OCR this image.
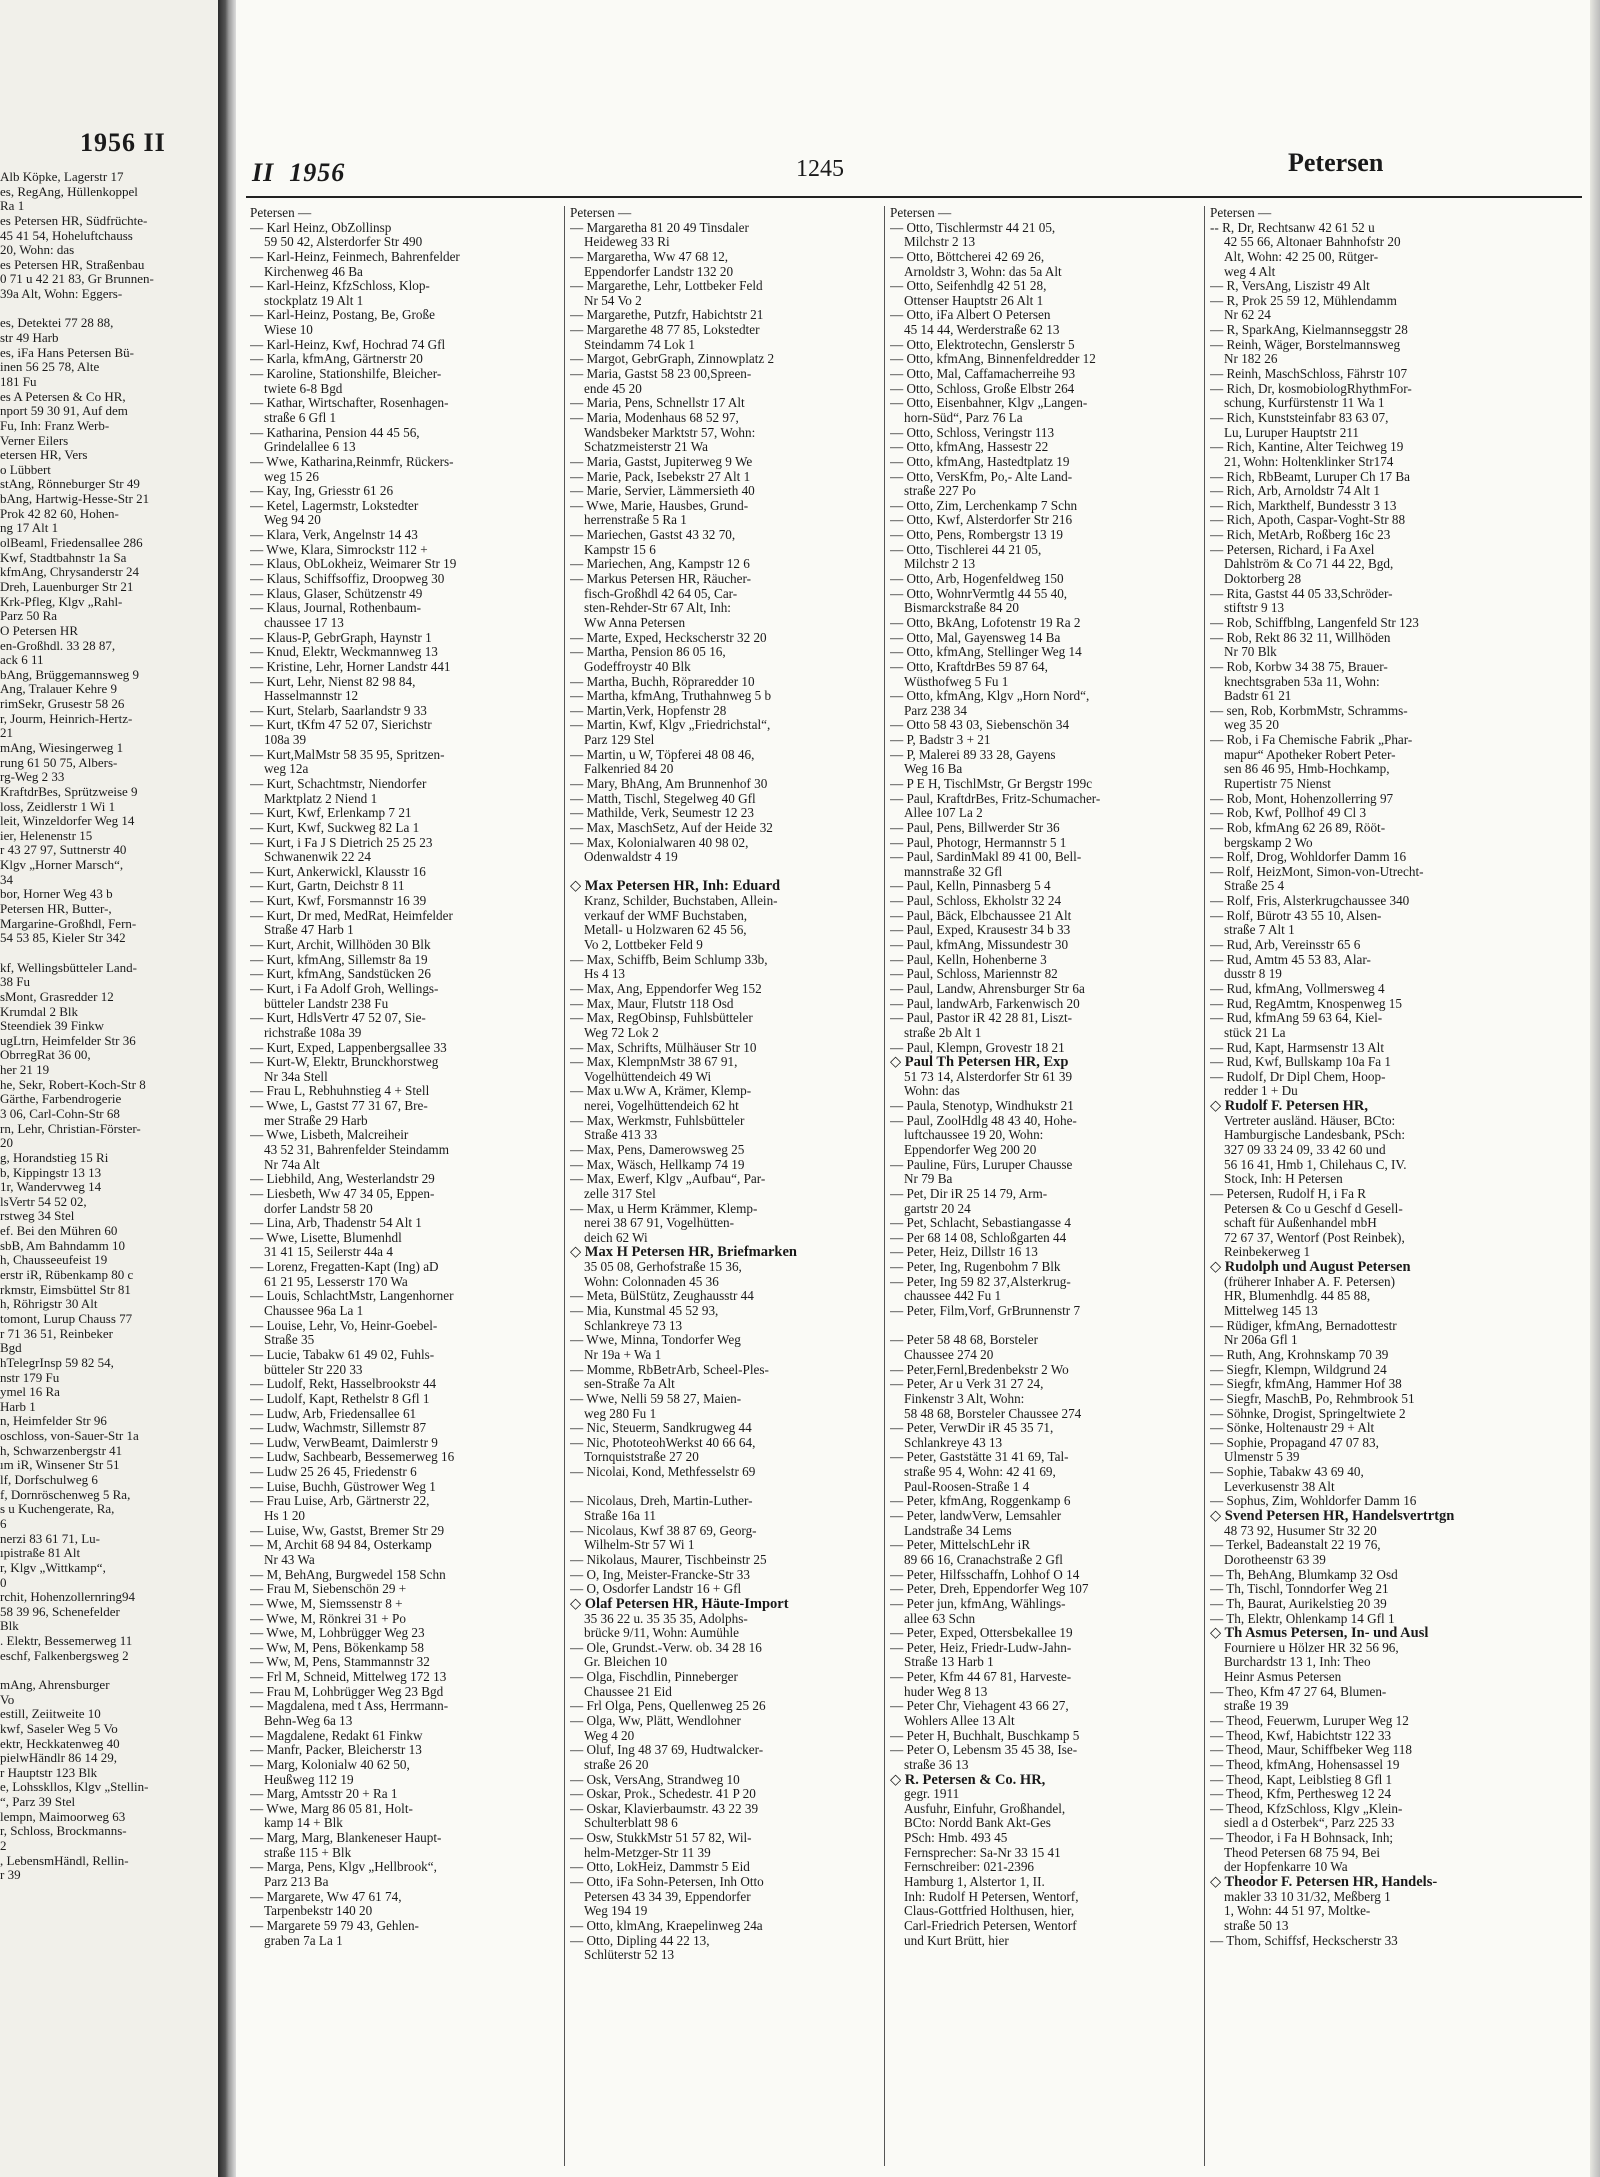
1956 II
Alb Köpke, Lagerstr 17
es, RegAng, Hüllenkoppel
Ra 1
es Petersen HR, Südfrüchte-
45 41 54, Hoheluftchauss
20, Wohn: das
es Petersen HR, Straßenbau
0 71 u 42 21 83, Gr Brunnen-
39a Alt, Wohn: Eggers-
es, Detektei 77 28 88,
str 49 Harb
es, iFa Hans Petersen Bü-
inen 56 25 78, Alte
181 Fu
es A Petersen & Co HR,
nport 59 30 91, Auf dem
Fu, Inh: Franz Werb-
Verner Eilers
etersen HR, Vers
o Lübbert
stAng, Rönneburger Str 49
bAng, Hartwig-Hesse-Str 21
Prok 42 82 60, Hohen-
ng 17 Alt 1
olBeaml, Friedensallee 286
Kwf, Stadtbahnstr 1a Sa
kfmAng, Chrysanderstr 24
Dreh, Lauenburger Str 21
Krk-Pfleg, Klgv „Rahl-
Parz 50 Ra
O Petersen HR
en-Großhdl. 33 28 87,
ack 6 11
bAng, Brüggemannsweg 9
Ang, Tralauer Kehre 9
rimSekr, Grusestr 58 26
r, Jourm, Heinrich-Hertz-
21
mAng, Wiesingerweg 1
rung 61 50 75, Albers-
rg-Weg 2 33
KraftdrBes, Sprützweise 9
loss, Zeidlerstr 1 Wi 1
leit, Winzeldorfer Weg 14
ier, Helenenstr 15
r 43 27 97, Suttnerstr 40
Klgv „Horner Marsch“,
34
bor, Horner Weg 43 b
Petersen HR, Butter-,
Margarine-Großhdl, Fern-
54 53 85, Kieler Str 342
kf, Wellingsbütteler Land-
38 Fu
sMont, Grasredder 12
Krumdal 2 Blk
Steendiek 39 Finkw
ugLtrn, Heimfelder Str 36
ObrregRat 36 00,
her 21 19
he, Sekr, Robert-Koch-Str 8
Gärthe, Farbendrogerie
3 06, Carl-Cohn-Str 68
rn, Lehr, Christian-Förster-
20
g, Horandstieg 15 Ri
b, Kippingstr 13 13
1r, Wandervweg 14
lsVertr 54 52 02,
rstweg 34 Stel
ef. Bei den Mühren 60
sbB, Am Bahndamm 10
h, Chausseeufeist 19
erstr iR, Rübenkamp 80 c
rkmstr, Eimsbüttel Str 81
h, Röhrigstr 30 Alt
tomont, Lurup Chauss 77
r 71 36 51, Reinbeker
Bgd
hTelegrInsp 59 82 54,
nstr 179 Fu
ymel 16 Ra
Harb 1
n, Heimfelder Str 96
oschloss, von-Sauer-Str 1a
h, Schwarzenbergstr 41
ım iR, Winsener Str 51
lf, Dorfschulweg 6
f, Dornröschenweg 5 Ra,
s u Kuchengerate, Ra,
6
nerzi 83 61 71, Lu-
ıpistraße 81 Alt
r, Klgv „Wittkamp“,
0
rchit, Hohenzollernring94
58 39 96, Schenefelder
Blk
. Elektr, Bessemerweg 11
eschf, Falkenbergsweg 2
mAng, Ahrensburger
Vo
estill, Zeiitweite 10
kwf, Saseler Weg 5 Vo
ektr, Heckkatenweg 40
pielwHändlr 86 14 29,
r Hauptstr 123 Blk
e, Lohsskllos, Klgv „Stellin-
“, Parz 39 Stel
lempn, Maimoorweg 63
r, Schloss, Brockmanns-
2
, LebensmHändl, Rellin-
r 39
II 1956	1245	Petersen
Petersen —
— Karl Heinz, ObZollinsp
59 50 42, Alsterdorfer Str 490
— Karl-Heinz, Feinmech, Bahrenfelder
Kirchenweg 46 Ba
— Karl-Heinz, KfzSchloss, Klop-
stockplatz 19 Alt 1
— Karl-Heinz, Postang, Be, Große
Wiese 10
— Karl-Heinz, Kwf, Hochrad 74 Gfl
— Karla, kfmAng, Gärtnerstr 20
— Karoline, Stationshilfe, Bleicher-
twiete 6-8 Bgd
— Kathar, Wirtschafter, Rosenhagen-
straße 6 Gfl 1
— Katharina, Pension 44 45 56,
Grindelallee 6 13
— Wwe, Katharina,Reinmfr, Rückers-
weg 15 26
— Kay, Ing, Griesstr 61 26
— Ketel, Lagermstr, Lokstedter
Weg 94 20
— Klara, Verk, Angelnstr 14 43
— Wwe, Klara, Simrockstr 112 +
— Klaus, ObLokheiz, Weimarer Str 19
— Klaus, Schiffsoffiz, Droopweg 30
— Klaus, Glaser, Schützenstr 49
— Klaus, Journal, Rothenbaum-
chaussee 17 13
— Klaus-P, GebrGraph, Haynstr 1
— Knud, Elektr, Weckmannweg 13
— Kristine, Lehr, Horner Landstr 441
— Kurt, Lehr, Nienst 82 98 84,
Hasselmannstr 12
— Kurt, Stelarb, Saarlandstr 9 33
— Kurt, tKfm 47 52 07, Sierichstr
108a 39
— Kurt,MalMstr 58 35 95, Spritzen-
weg 12a
— Kurt, Schachtmstr, Niendorfer
Marktplatz 2 Niend 1
— Kurt, Kwf, Erlenkamp 7 21
— Kurt, Kwf, Suckweg 82 La 1
— Kurt, i Fa J S Dietrich 25 25 23
Schwanenwik 22 24
— Kurt, Ankerwickl, Klausstr 16
— Kurt, Gartn, Deichstr 8 11
— Kurt, Kwf, Forsmannstr 16 39
— Kurt, Dr med, MedRat, Heimfelder
Straße 47 Harb 1
— Kurt, Archit, Willhöden 30 Blk
— Kurt, kfmAng, Sillemstr 8a 19
— Kurt, kfmAng, Sandstücken 26
— Kurt, i Fa Adolf Groh, Wellings-
bütteler Landstr 238 Fu
— Kurt, HdlsVertr 47 52 07, Sie-
richstraße 108a 39
— Kurt, Exped, Lappenbergsallee 33
— Kurt-W, Elektr, Brunckhorstweg
Nr 34a Stell
— Frau L, Rebhuhnstieg 4 + Stell
— Wwe, L, Gastst 77 31 67, Bre-
mer Straße 29 Harb
— Wwe, Lisbeth, Malcreiheir
43 52 31, Bahrenfelder Steindamm
Nr 74a Alt
— Liebhild, Ang, Westerlandstr 29
— Liesbeth, Ww 47 34 05, Eppen-
dorfer Landstr 58 20
— Lina, Arb, Thadenstr 54 Alt 1
— Wwe, Lisette, Blumenhdl
31 41 15, Seilerstr 44a 4
— Lorenz, Fregatten-Kapt (Ing) aD
61 21 95, Lesserstr 170 Wa
— Louis, SchlachtMstr, Langenhorner
Chaussee 96a La 1
— Louise, Lehr, Vo, Heinr-Goebel-
Straße 35
— Lucie, Tabakw 61 49 02, Fuhls-
bütteler Str 220 33
— Ludolf, Rekt, Hasselbrookstr 44
— Ludolf, Kapt, Rethelstr 8 Gfl 1
— Ludw, Arb, Friedensallee 61
— Ludw, Wachmstr, Sillemstr 87
— Ludw, VerwBeamt, Daimlerstr 9
— Ludw, Sachbearb, Bessemerweg 16
— Ludw 25 26 45, Friedenstr 6
— Luise, Buchh, Güstrower Weg 1
— Frau Luise, Arb, Gärtnerstr 22,
Hs 1 20
— Luise, Ww, Gastst, Bremer Str 29
— M, Archit 68 94 84, Osterkamp
Nr 43 Wa
— M, BehAng, Burgwedel 158 Schn
— Frau M, Siebenschön 29 +
— Wwe, M, Siemssenstr 8 +
— Wwe, M, Rönkrei 31 + Po
— Wwe, M, Lohbrügger Weg 23
— Ww, M, Pens, Bökenkamp 58
— Ww, M, Pens, Stammannstr 32
— Frl M, Schneid, Mittelweg 172 13
— Frau M, Lohbrügger Weg 23 Bgd
— Magdalena, med t Ass, Herrmann-
Behn-Weg 6a 13
— Magdalene, Redakt 61 Finkw
— Manfr, Packer, Bleicherstr 13
— Marg, Kolonialw 40 62 50,
Heußweg 112 19
— Marg, Amtsstr 20 + Ra 1
— Wwe, Marg 86 05 81, Holt-
kamp 14 + Blk
— Marg, Marg, Blankeneser Haupt-
straße 115 + Blk
— Marga, Pens, Klgv „Hellbrook“,
Parz 213 Ba
— Margarete, Ww 47 61 74,
Tarpenbekstr 140 20
— Margarete 59 79 43, Gehlen-
graben 7a La 1
Petersen —
— Margaretha 81 20 49 Tinsdaler
Heideweg 33 Ri
— Margaretha, Ww 47 68 12,
Eppendorfer Landstr 132 20
— Margarethe, Lehr, Lottbeker Feld
Nr 54 Vo 2
— Margarethe, Putzfr, Habichtstr 21
— Margarethe 48 77 85, Lokstedter
Steindamm 74 Lok 1
— Margot, GebrGraph, Zinnowplatz 2
— Maria, Gastst 58 23 00,Spreen-
ende 45 20
— Maria, Pens, Schnellstr 17 Alt
— Maria, Modenhaus 68 52 97,
Wandsbeker Marktstr 57, Wohn:
Schatzmeisterstr 21 Wa
— Maria, Gastst, Jupiterweg 9 We
— Marie, Pack, Isebekstr 27 Alt 1
— Marie, Servier, Lämmersieth 40
— Wwe, Marie, Hausbes, Grund-
herrenstraße 5 Ra 1
— Mariechen, Gastst 43 32 70,
Kampstr 15 6
— Mariechen, Ang, Kampstr 12 6
— Markus Petersen HR, Räucher-
fisch-Großhdl 42 64 05, Car-
sten-Rehder-Str 67 Alt, Inh:
Ww Anna Petersen
— Marte, Exped, Heckscherstr 32 20
— Martha, Pension 86 05 16,
Godeffroystr 40 Blk
— Martha, Buchh, Röpraredder 10
— Martha, kfmAng, Truthahnweg 5 b
— Martin,Verk, Hopfenstr 28
— Martin, Kwf, Klgv „Friedrichstal“,
Parz 129 Stel
— Martin, u W, Töpferei 48 08 46,
Falkenried 84 20
— Mary, BhAng, Am Brunnenhof 30
— Matth, Tischl, Stegelweg 40 Gfl
— Mathilde, Verk, Seumestr 12 23
— Max, MaschSetz, Auf der Heide 32
— Max, Kolonialwaren 40 98 02,
Odenwaldstr 4 19
◇ Max Petersen HR, Inh: Eduard
Kranz, Schilder, Buchstaben, Allein-
verkauf der WMF Buchstaben,
Metall- u Holzwaren 62 45 56,
Vo 2, Lottbeker Feld 9
— Max, Schiffb, Beim Schlump 33b,
Hs 4 13
— Max, Ang, Eppendorfer Weg 152
— Max, Maur, Flutstr 118 Osd
— Max, RegObinsp, Fuhlsbütteler
Weg 72 Lok 2
— Max, Schrifts, Mülhäuser Str 10
— Max, KlempnMstr 38 67 91,
Vogelhüttendeich 49 Wi
— Max u.Ww A, Krämer, Klemp-
nerei, Vogelhüttendeich 62 ht
— Max, Werkmstr, Fuhlsbütteler
Straße 413 33
— Max, Pens, Damerowsweg 25
— Max, Wäsch, Hellkamp 74 19
— Max, Ewerf, Klgv „Aufbau“, Par-
zelle 317 Stel
— Max, u Herm Krämmer, Klemp-
nerei 38 67 91, Vogelhütten-
deich 62 Wi
◇ Max H Petersen HR, Briefmarken
35 05 08, Gerhofstraße 15 36,
Wohn: Colonnaden 45 36
— Meta, BülStütz, Zeughausstr 44
— Mia, Kunstmal 45 52 93,
Schlankreye 73 13
— Wwe, Minna, Tondorfer Weg
Nr 19a + Wa 1
— Momme, RbBetrArb, Scheel-Ples-
sen-Straße 7a Alt
— Wwe, Nelli 59 58 27, Maien-
weg 280 Fu 1
— Nic, Steuerm, Sandkrugweg 44
— Nic, PhototeohWerkst 40 66 64,
Tornquiststraße 27 20
— Nicolai, Kond, Methfesselstr 69
— Nicolaus, Dreh, Martin-Luther-
Straße 16a 11
— Nicolaus, Kwf 38 87 69, Georg-
Wilhelm-Str 57 Wi 1
— Nikolaus, Maurer, Tischbeinstr 25
— O, Ing, Meister-Francke-Str 33
— O, Osdorfer Landstr 16 + Gfl
◇ Olaf Petersen HR, Häute-Import
35 36 22 u. 35 35 35, Adolphs-
brücke 9/11, Wohn: Aumühle
— Ole, Grundst.-Verw. ob. 34 28 16
Gr. Bleichen 10
— Olga, Fischdlin, Pinneberger
Chaussee 21 Eid
— Frl Olga, Pens, Quellenweg 25 26
— Olga, Ww, Plätt, Wendlohner
Weg 4 20
— Oluf, Ing 48 37 69, Hudtwalcker-
straße 26 20
— Osk, VersAng, Strandweg 10
— Oskar, Prok., Schedestr. 41 P 20
— Oskar, Klavierbaumstr. 43 22 39
Schulterblatt 98 6
— Osw, StukkMstr 51 57 82, Wil-
helm-Metzger-Str 11 39
— Otto, LokHeiz, Dammstr 5 Eid
— Otto, iFa Sohn-Petersen, Inh Otto
Petersen 43 34 39, Eppendorfer
Weg 194 19
— Otto, klmAng, Kraepelinweg 24a
— Otto, Dipling 44 22 13,
Schlüterstr 52 13
Petersen —
— Otto, Tischlermstr 44 21 05,
Milchstr 2 13
— Otto, Böttcherei 42 69 26,
Arnoldstr 3, Wohn: das 5a Alt
— Otto, Seifenhdlg 42 51 28,
Ottenser Hauptstr 26 Alt 1
— Otto, iFa Albert O Petersen
45 14 44, Werderstraße 62 13
— Otto, Elektrotechn, Genslerstr 5
— Otto, kfmAng, Binnenfeldredder 12
— Otto, Mal, Caffamacherreihe 93
— Otto, Schloss, Große Elbstr 264
— Otto, Eisenbahner, Klgv „Langen-
horn-Süd“, Parz 76 La
— Otto, Schloss, Veringstr 113
— Otto, kfmAng, Hassestr 22
— Otto, kfmAng, Hastedtplatz 19
— Otto, VersKfm, Po,- Alte Land-
straße 227 Po
— Otto, Zim, Lerchenkamp 7 Schn
— Otto, Kwf, Alsterdorfer Str 216
— Otto, Pens, Rombergstr 13 19
— Otto, Tischlerei 44 21 05,
Milchstr 2 13
— Otto, Arb, Hogenfeldweg 150
— Otto, WohnrVermtlg 44 55 40,
Bismarckstraße 84 20
— Otto, BkAng, Lofotenstr 19 Ra 2
— Otto, Mal, Gayensweg 14 Ba
— Otto, kfmAng, Stellinger Weg 14
— Otto, KraftdrBes 59 87 64,
Wüsthofweg 5 Fu 1
— Otto, kfmAng, Klgv „Horn Nord“,
Parz 238 34
— Otto 58 43 03, Siebenschön 34
— P, Badstr 3 + 21
— P, Malerei 89 33 28, Gayens
Weg 16 Ba
— P E H, TischlMstr, Gr Bergstr 199c
— Paul, KraftdrBes, Fritz-Schumacher-
Allee 107 La 2
— Paul, Pens, Billwerder Str 36
— Paul, Photogr, Hermannstr 5 1
— Paul, SardinMakl 89 41 00, Bell-
mannstraße 32 Gfl
— Paul, Kelln, Pinnasberg 5 4
— Paul, Schloss, Ekholstr 32 24
— Paul, Bäck, Elbchaussee 21 Alt
— Paul, Exped, Krausestr 34 b 33
— Paul, kfmAng, Missundestr 30
— Paul, Kelln, Hohenberne 3
— Paul, Schloss, Mariennstr 82
— Paul, Landw, Ahrensburger Str 6a
— Paul, landwArb, Farkenwisch 20
— Paul, Pastor iR 42 28 81, Liszt-
straße 2b Alt 1
— Paul, Klempn, Grovestr 18 21
◇ Paul Th Petersen HR, Exp
51 73 14, Alsterdorfer Str 61 39
Wohn: das
— Paula, Stenotyp, Windhukstr 21
— Paul, ZoolHdlg 48 43 40, Hohe-
luftchaussee 19 20, Wohn:
Eppendorfer Weg 200 20
— Pauline, Fürs, Luruper Chausse
Nr 79 Ba
— Pet, Dir iR 25 14 79, Arm-
gartstr 20 24
— Pet, Schlacht, Sebastiangasse 4
— Per 68 14 08, Schloßgarten 44
— Peter, Heiz, Dillstr 16 13
— Peter, Ing, Rugenbohm 7 Blk
— Peter, Ing 59 82 37,Alsterkrug-
chaussee 442 Fu 1
— Peter, Film,Vorf, GrBrunnenstr 7
— Peter 58 48 68, Borsteler
Chaussee 274 20
— Peter,Fernl,Bredenbekstr 2 Wo
— Peter, Ar u Verk 31 27 24,
Finkenstr 3 Alt, Wohn:
58 48 68, Borsteler Chaussee 274
— Peter, VerwDir iR 45 35 71,
Schlankreye 43 13
— Peter, Gaststätte 31 41 69, Tal-
straße 95 4, Wohn: 42 41 69,
Paul-Roosen-Straße 1 4
— Peter, kfmAng, Roggenkamp 6
— Peter, landwVerw, Lemsahler
Landstraße 34 Lems
— Peter, MittelschLehr iR
89 66 16, Cranachstraße 2 Gfl
— Peter, Hilfsschaffn, Lohhof O 14
— Peter, Dreh, Eppendorfer Weg 107
— Peter jun, kfmAng, Wählings-
allee 63 Schn
— Peter, Exped, Ottersbekallee 19
— Peter, Heiz, Friedr-Ludw-Jahn-
Straße 13 Harb 1
— Peter, Kfm 44 67 81, Harveste-
huder Weg 8 13
— Peter Chr, Viehagent 43 66 27,
Wohlers Allee 13 Alt
— Peter H, Buchhalt, Buschkamp 5
— Peter O, Lebensm 35 45 38, Ise-
straße 36 13
◇ R. Petersen & Co. HR,
gegr. 1911
Ausfuhr, Einfuhr, Großhandel,
BCto: Nordd Bank Akt-Ges
PSch: Hmb. 493 45
Fernsprecher: Sa-Nr 33 15 41
Fernschreiber: 021-2396
Hamburg 1, Alstertor 1, II.
Inh: Rudolf H Petersen, Wentorf,
Claus-Gottfried Holthusen, hier,
Carl-Friedrich Petersen, Wentorf
und Kurt Brütt, hier
Petersen —
-- R, Dr, Rechtsanw 42 61 52 u
42 55 66, Altonaer Bahnhofstr 20
Alt, Wohn: 42 25 00, Rütger-
weg 4 Alt
— R, VersAng, Liszistr 49 Alt
— R, Prok 25 59 12, Mühlendamm
Nr 62 24
— R, SparkAng, Kielmannseggstr 28
— Reinh, Wäger, Borstelmannsweg
Nr 182 26
— Reinh, MaschSchloss, Fährstr 107
— Rich, Dr, kosmobiologRhythmFor-
schung, Kurfürstenstr 11 Wa 1
— Rich, Kunststeinfabr 83 63 07,
Lu, Luruper Hauptstr 211
— Rich, Kantine, Alter Teichweg 19
21, Wohn: Holtenklinker Str174
— Rich, RbBeamt, Luruper Ch 17 Ba
— Rich, Arb, Arnoldstr 74 Alt 1
— Rich, Markthelf, Bundesstr 3 13
— Rich, Apoth, Caspar-Voght-Str 88
— Rich, MetArb, Roßberg 16c 23
— Petersen, Richard, i Fa Axel
Dahlström & Co 71 44 22, Bgd,
Doktorberg 28
— Rita, Gastst 44 05 33,Schröder-
stiftstr 9 13
— Rob, Schiffblng, Langenfeld Str 123
— Rob, Rekt 86 32 11, Willhöden
Nr 70 Blk
— Rob, Korbw 34 38 75, Brauer-
knechtsgraben 53a 11, Wohn:
Badstr 61 21
— sen, Rob, KorbmMstr, Schramms-
weg 35 20
— Rob, i Fa Chemische Fabrik „Phar-
mapur“ Apotheker Robert Peter-
sen 86 46 95, Hmb-Hochkamp,
Rupertistr 75 Nienst
— Rob, Mont, Hohenzollerring 97
— Rob, Kwf, Pollhof 49 Cl 3
— Rob, kfmAng 62 26 89, Rööt-
bergskamp 2 Wo
— Rolf, Drog, Wohldorfer Damm 16
— Rolf, HeizMont, Simon-von-Utrecht-
Straße 25 4
— Rolf, Fris, Alsterkrugchaussee 340
— Rolf, Bürotr 43 55 10, Alsen-
straße 7 Alt 1
— Rud, Arb, Vereinsstr 65 6
— Rud, Amtm 45 53 83, Alar-
dusstr 8 19
— Rud, kfmAng, Vollmersweg 4
— Rud, RegAmtm, Knospenweg 15
— Rud, kfmAng 59 63 64, Kiel-
stück 21 La
— Rud, Kapt, Harmsenstr 13 Alt
— Rud, Kwf, Bullskamp 10a Fa 1
— Rudolf, Dr Dipl Chem, Hoop-
redder 1 + Du
◇ Rudolf F. Petersen HR,
Vertreter ausländ. Häuser, BCto:
Hamburgische Landesbank, PSch:
327 09 33 24 09, 33 42 60 und
56 16 41, Hmb 1, Chilehaus C, IV.
Stock, Inh: H Petersen
— Petersen, Rudolf H, i Fa R
Petersen & Co u Geschf d Gesell-
schaft für Außenhandel mbH
72 67 37, Wentorf (Post Reinbek),
Reinbekerweg 1
◇ Rudolph und August Petersen
(früherer Inhaber A. F. Petersen)
HR, Blumenhdlg. 44 85 88,
Mittelweg 145 13
— Rüdiger, kfmAng, Bernadottestr
Nr 206a Gfl 1
— Ruth, Ang, Krohnskamp 70 39
— Siegfr, Klempn, Wildgrund 24
— Siegfr, kfmAng, Hammer Hof 38
— Siegfr, MaschB, Po, Rehmbrook 51
— Söhnke, Drogist, Springeltwiete 2
— Sönke, Holtenaustr 29 + Alt
— Sophie, Propagand 47 07 83,
Ulmenstr 5 39
— Sophie, Tabakw 43 69 40,
Leverkusenstr 38 Alt
— Sophus, Zim, Wohldorfer Damm 16
◇ Svend Petersen HR, Handelsvertrtgn
48 73 92, Husumer Str 32 20
— Terkel, Badeanstalt 22 19 76,
Dorotheenstr 63 39
— Th, BehAng, Blumkamp 32 Osd
— Th, Tischl, Tonndorfer Weg 21
— Th, Baurat, Aurikelstieg 20 39
— Th, Elektr, Ohlenkamp 14 Gfl 1
◇ Th Asmus Petersen, In- und Ausl
Fourniere u Hölzer HR 32 56 96,
Burchardstr 13 1, Inh: Theo
Heinr Asmus Petersen
— Theo, Kfm 47 27 64, Blumen-
straße 19 39
— Theod, Feuerwm, Luruper Weg 12
— Theod, Kwf, Habichtstr 122 33
— Theod, Maur, Schiffbeker Weg 118
— Theod, kfmAng, Hohensassel 19
— Theod, Kapt, Leiblstieg 8 Gfl 1
— Theod, Kfm, Perthesweg 12 24
— Theod, KfzSchloss, Klgv „Klein-
siedl a d Osterbek“, Parz 225 33
— Theodor, i Fa H Bohnsack, Inh;
Theod Petersen 68 75 94, Bei
der Hopfenkarre 10 Wa
◇ Theodor F. Petersen HR, Handels-
makler 33 10 31/32, Meßberg 1
1, Wohn: 44 51 97, Moltke-
straße 50 13
— Thom, Schiffsf, Heckscherstr 33
